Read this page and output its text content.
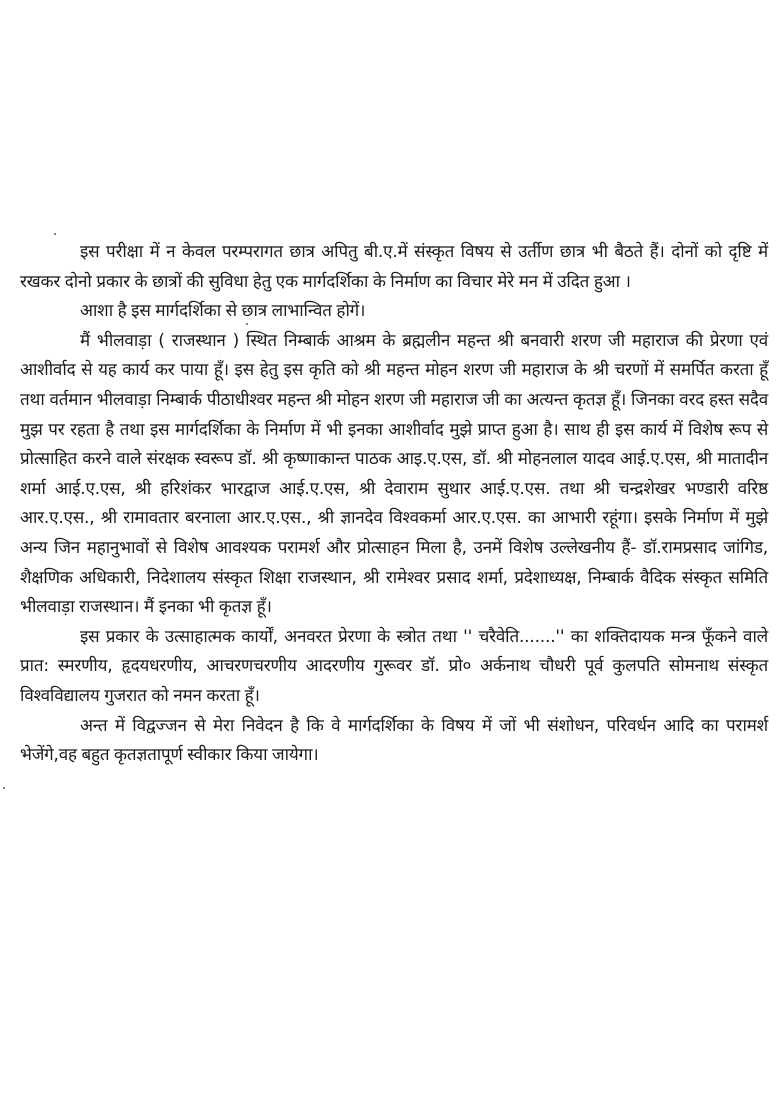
इस परीक्षा में न केवल परम्परागत छात्र अपितु बी.ए.में संस्कृत विषय से उर्तीण छात्र भी बैठते हैं। दोनों को दृष्टि में रखकर दोनो प्रकार के छात्रों की सुविधा हेतु एक मार्गदर्शिका के निर्माण का विचार मेरे मन में उदित हुआ ।

आशा है इस मार्गदर्शिका से छात्र लाभान्वित होगें।

मैं भीलवाड़ा ( राजस्थान ) स्थित निम्बार्क आश्रम के ब्रह्मलीन महन्त श्री बनवारी शरण जी महाराज की प्रेरणा एवं आशीर्वाद से यह कार्य कर पाया हूँ। इस हेतु इस कृति को श्री महन्त मोहन शरण जी महाराज के श्री चरणों में समर्पित करता हूँ तथा वर्तमान भीलवाड़ा निम्बार्क पीठाधीश्वर महन्त श्री मोहन शरण जी महाराज जी का अत्यन्त कृतज्ञ हूँ। जिनका वरद हस्त सदैव मुझ पर रहता है तथा इस मार्गदर्शिका के निर्माण में भी इनका आशीर्वाद मुझे प्राप्त हुआ है। साथ ही इस कार्य में विशेष रूप से प्रोत्साहित करने वाले संरक्षक स्वरूप डॉ. श्री कृष्णाकान्त पाठक आइ.ए.एस, डॉ. श्री मोहनलाल यादव आई.ए.एस, श्री मातादीन शर्मा आई.ए.एस, श्री हरिशंकर भारद्वाज आई.ए.एस, श्री देवाराम सुथार आई.ए.एस. तथा श्री चन्द्रशेखर भण्डारी वरिष्ठ आर.ए.एस., श्री रामावतार बरनाला आर.ए.एस., श्री ज्ञानदेव विश्वकर्मा आर.ए.एस. का आभारी रहूंगा। इसके निर्माण में मुझे अन्य जिन महानुभावों से विशेष आवश्यक परामर्श और प्रोत्साहन मिला है, उनमें विशेष उल्लेखनीय हैं- डॉ.रामप्रसाद जांगिड, शैक्षणिक अधिकारी, निदेशालय संस्कृत शिक्षा राजस्थान, श्री रामेश्वर प्रसाद शर्मा, प्रदेशाध्यक्ष, निम्बार्क वैदिक संस्कृत समिति भीलवाड़ा राजस्थान। मैं इनका भी कृतज्ञ हूँ।

इस प्रकार के उत्साहात्मक कार्यों, अनवरत प्रेरणा के स्त्रोत तथा '' चरैवेति.......'' का शक्तिदायक मन्त्र फूँकने वाले प्रात: स्मरणीय, हृदयधरणीय, आचरणचरणीय आदरणीय गुरूवर डॉ. प्रो० अर्कनाथ चौधरी पूर्व कुलपति सोमनाथ संस्कृत विश्वविद्यालय गुजरात को नमन करता हूँ।

अन्त में विद्वज्जन से मेरा निवेदन है कि वे मार्गदर्शिका के विषय में जों भी संशोधन, परिवर्धन आदि का परामर्श भेजेंगे,वह बहुत कृतज्ञतापूर्ण स्वीकार किया जायेगा।
